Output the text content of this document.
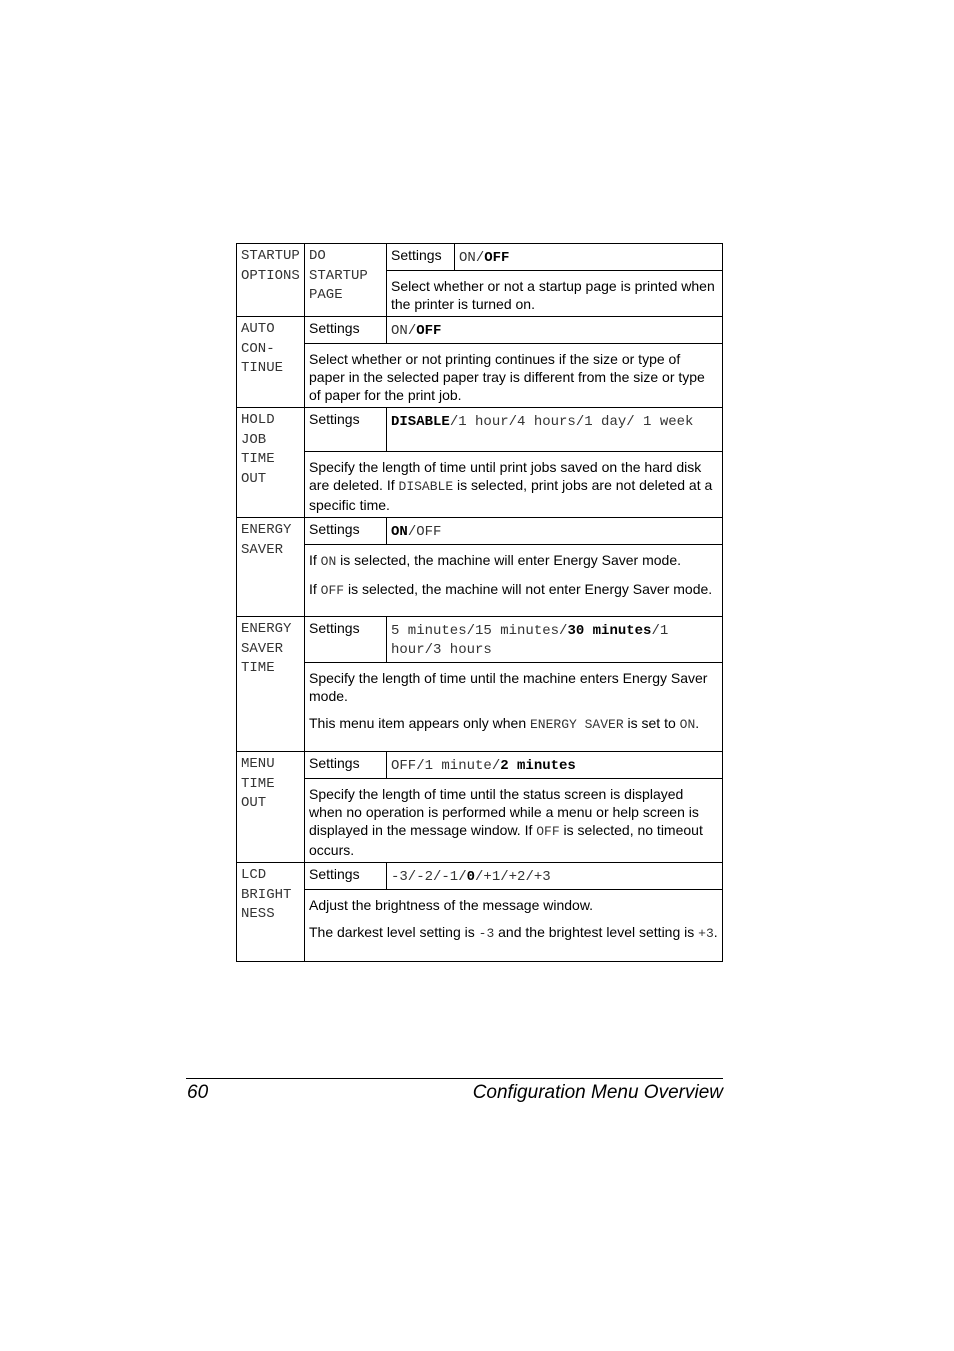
STARTUP OPTIONS	DO STARTUP PAGE	Settings	ON/OFF

		Select whether or not a startup page is printed when the printer is turned on.	

AUTO CON- TINUE	Settings	ON/OFF	

	Select whether or not printing continues if the size or type of paper in the selected paper tray is different from the size or type of paper for the print job.		

HOLD JOB TIME OUT	Settings	DISABLE/1 hour/4 hours/1 day/ 1 week	

	Specify the length of time until print jobs saved on the hard disk are deleted. If DISABLE is selected, print jobs are not deleted at a specific time.		

ENERGY SAVER	Settings	ON/OFF	

	If ON is selected, the machine will enter Energy Saver mode.

If OFF is selected, the machine will not enter Energy Saver mode.		

ENERGY SAVER TIME	Settings	5 minutes/15 minutes/30 minutes/1 hour/3 hours	

	Specify the length of time until the machine enters Energy Saver mode.

This menu item appears only when ENERGY SAVER is set to ON.		

MENU TIME OUT	Settings	OFF/1 minute/2 minutes	

	Specify the length of time until the status screen is displayed when no operation is performed while a menu or help screen is displayed in the message window. If OFF is selected, no timeout occurs.		

LCD BRIGHT NESS	Settings	-3/-2/-1/0/+1/+2/+3	

	Adjust the brightness of the message window.

The darkest level setting is -3 and the brightest level setting is +3.		

60	Configuration Menu Overview
